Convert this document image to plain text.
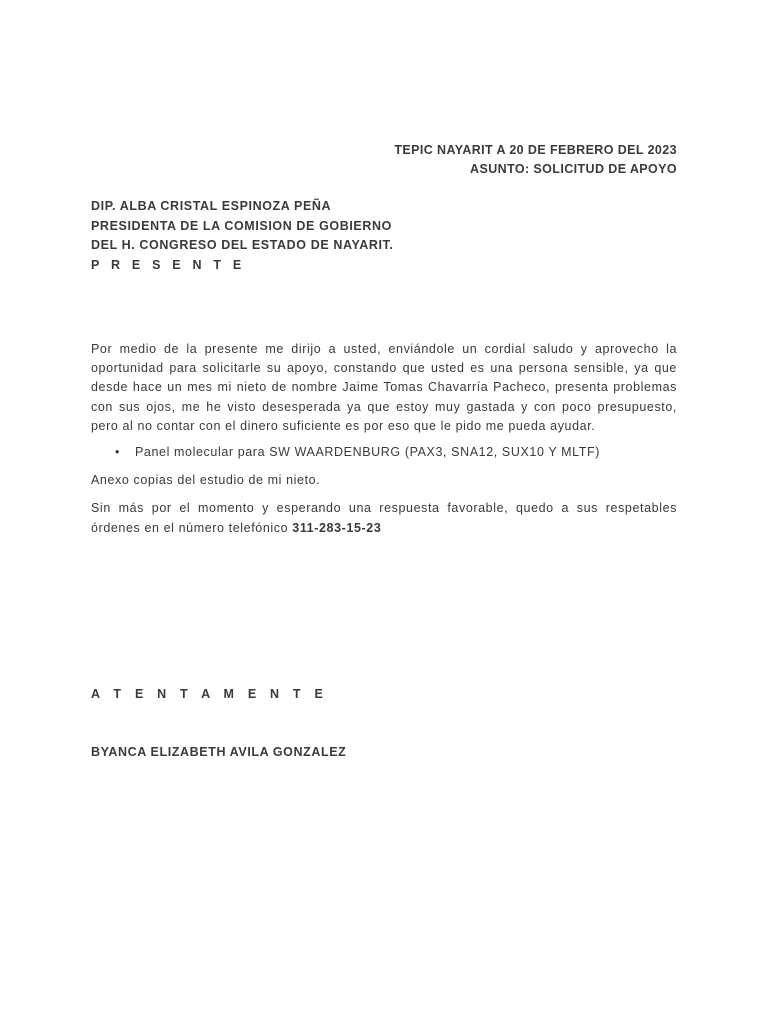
TEPIC NAYARIT A 20 DE FEBRERO DEL 2023
ASUNTO: SOLICITUD DE APOYO
DIP. ALBA CRISTAL ESPINOZA PEÑA
PRESIDENTA DE LA COMISION DE GOBIERNO
DEL H. CONGRESO DEL ESTADO DE NAYARIT.
P R E S E N T E

Por medio de la presente me dirijo a usted, enviándole un cordial saludo y aprovecho la oportunidad para solicitarle su apoyo, constando que usted es una persona sensible, ya que desde hace un mes mi nieto de nombre Jaime Tomas Chavarría Pacheco, presenta problemas con sus ojos, me he visto desesperada ya que estoy muy gastada y con poco presupuesto, pero al no contar con el dinero suficiente es por eso que le pido me pueda ayudar.

• Panel molecular para SW WAARDENBURG (PAX3, SNA12, SUX10 Y MLTF)

Anexo copias del estudio de mi nieto.

Sin más por el momento y esperando una respuesta favorable, quedo a sus respetables órdenes en el número telefónico 311-283-15-23

A T E N T A M E N T E
BYANCA ELIZABETH AVILA GONZALEZ
